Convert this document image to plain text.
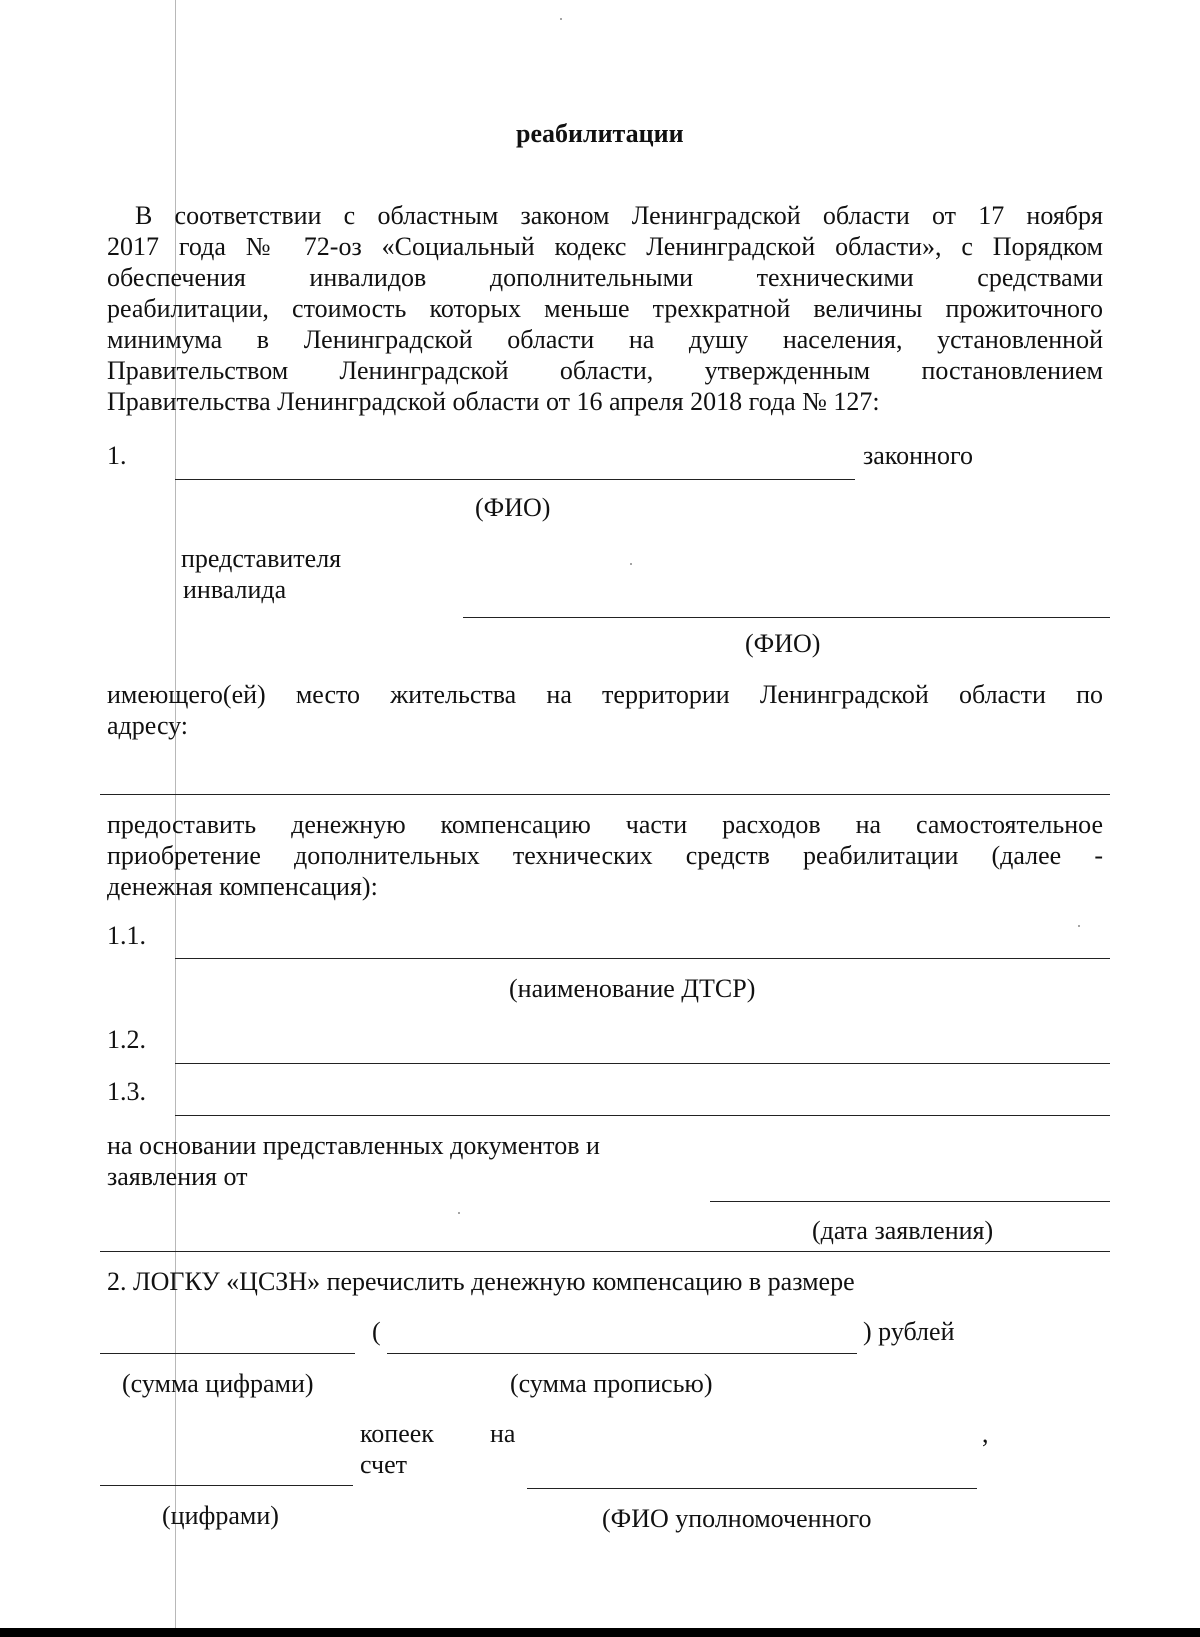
реабилитации
В соответствии с областным законом Ленинградской области от 17 ноября
2017 года № 72-оз «Социальный кодекс Ленинградской области», с Порядком
обеспечения инвалидов дополнительными техническими средствами
реабилитации, стоимость которых меньше трехкратной величины прожиточного
минимума в Ленинградской области на душу населения, установленной
Правительством Ленинградской области, утвержденным постановлением
Правительства Ленинградской области от 16 апреля 2018 года № 127:
1.	законного
(ФИО)
представителя
инвалида
(ФИО)
имеющего(ей) место жительства на территории Ленинградской области по
адресу:
предоставить денежную компенсацию части расходов на самостоятельное
приобретение дополнительных технических средств реабилитации (далее -
денежная компенсация):
1.1.
(наименование ДТСР)
1.2.
1.3.
на основании представленных документов и
заявления от
(дата заявления)
2. ЛОГКУ «ЦСЗН» перечислить денежную компенсацию в размере
(	) рублей
(сумма цифрами)	(сумма прописью)
копеек
счет
на	,
(цифрами)	(ФИО уполномоченного
